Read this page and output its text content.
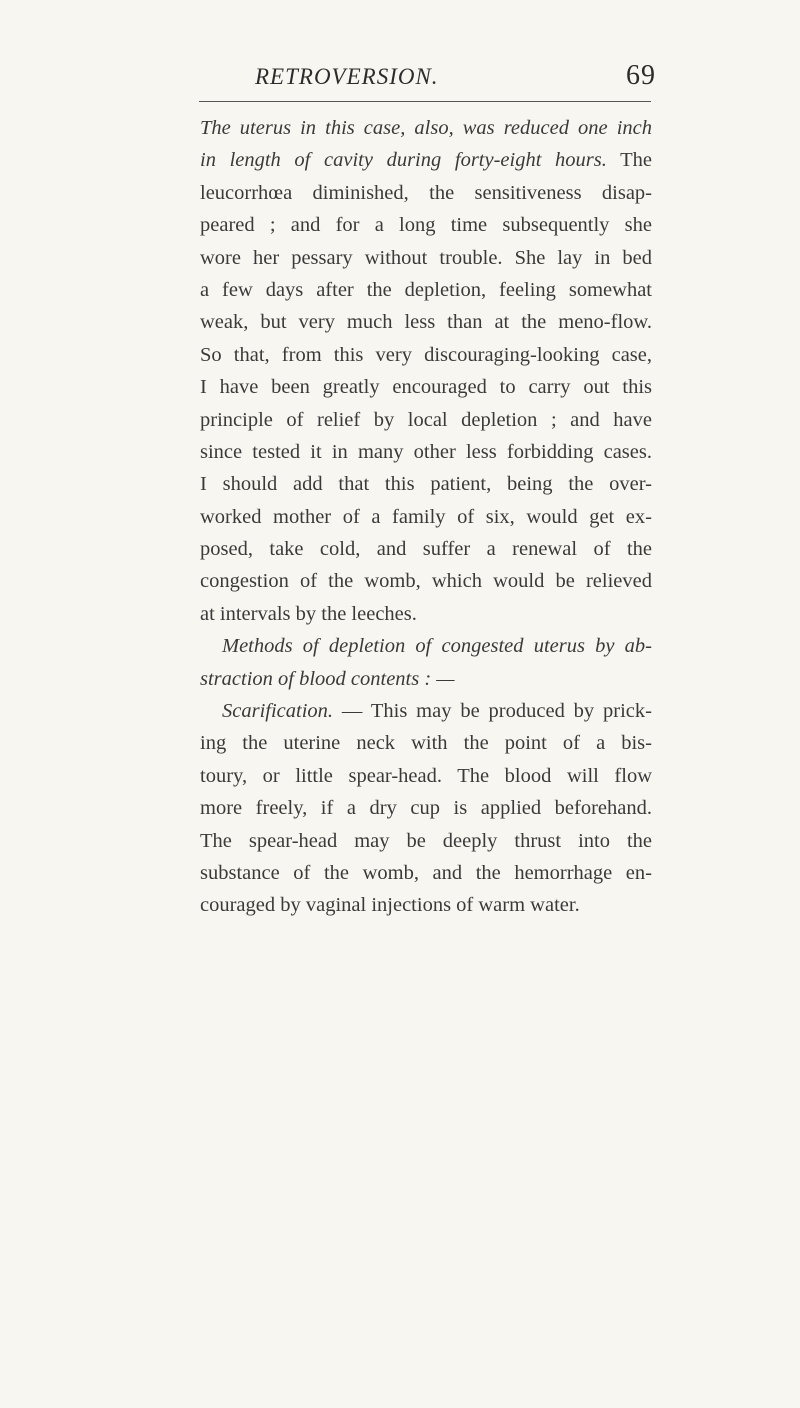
RETROVERSION.	69
The uterus in this case, also, was reduced one inch
in length of cavity during forty-eight hours. The
leucorrhœa diminished, the sensitiveness disap-
peared ; and for a long time subsequently she
wore her pessary without trouble. She lay in bed
a few days after the depletion, feeling somewhat
weak, but very much less than at the meno-flow.
So that, from this very discouraging-looking case,
I have been greatly encouraged to carry out this
principle of relief by local depletion ; and have
since tested it in many other less forbidding cases.
I should add that this patient, being the over-
worked mother of a family of six, would get ex-
posed, take cold, and suffer a renewal of the
congestion of the womb, which would be relieved
at intervals by the leeches.
Methods of depletion of congested uterus by ab-
straction of blood contents : —
Scarification. — This may be produced by prick-
ing the uterine neck with the point of a bis-
toury, or little spear-head. The blood will flow
more freely, if a dry cup is applied beforehand.
The spear-head may be deeply thrust into the
substance of the womb, and the hemorrhage en-
couraged by vaginal injections of warm water.
